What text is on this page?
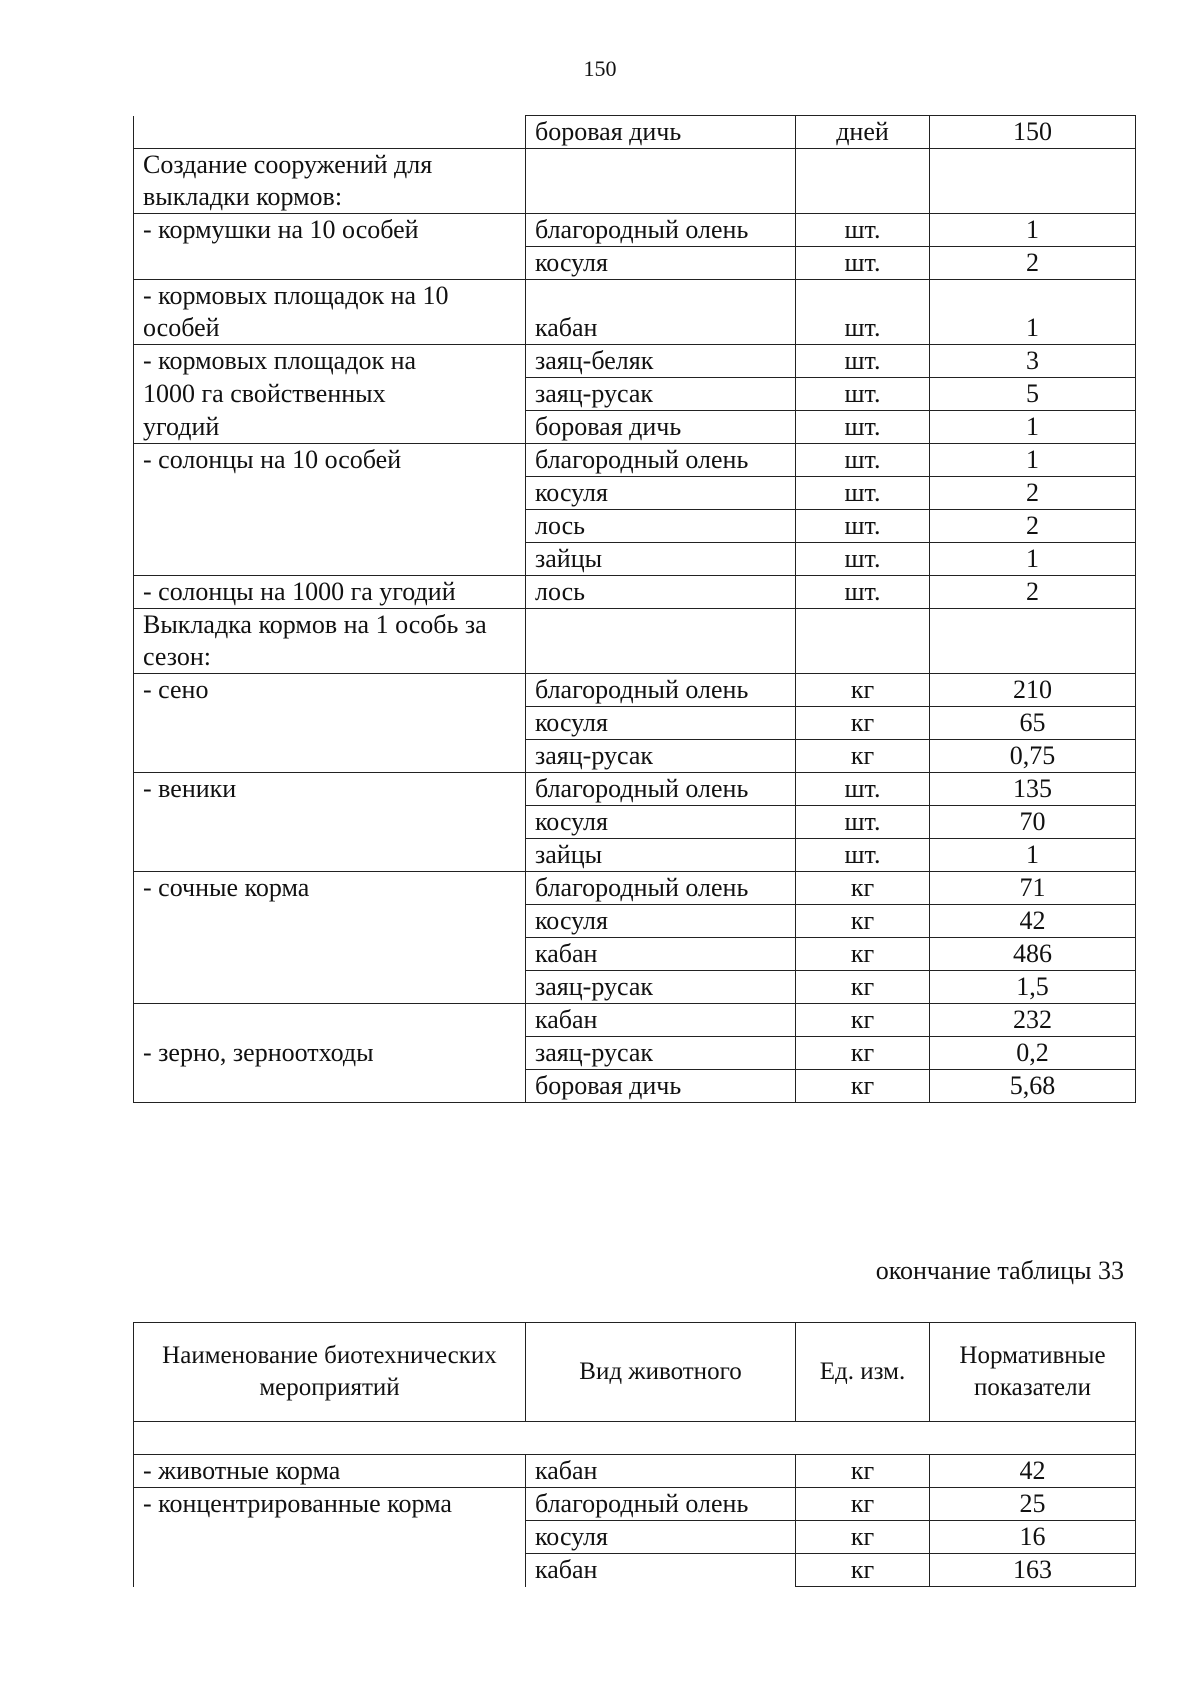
150
	боровая дичь	дней	150
Создание сооружений для выкладки кормов:			
- кормушки на 10 особей	благородный олень	шт.	1
	косуля	шт.	2
- кормовых площадок на 10 особей	кабан	шт.	1
- кормовых площадок на	заяц-беляк	шт.	3
1000 га свойственных	заяц-русак	шт.	5
угодий	боровая дичь	шт.	1
- солонцы на 10 особей	благородный олень	шт.	1
	косуля	шт.	2
	лось	шт.	2
	зайцы	шт.	1
- солонцы на 1000 га угодий	лось	шт.	2
Выкладка кормов на 1 особь за сезон:			
- сено	благородный олень	кг	210
	косуля	кг	65
	заяц-русак	кг	0,75
- веники	благородный олень	шт.	135
	косуля	шт.	70
	зайцы	шт.	1
- сочные корма	благородный олень	кг	71
	косуля	кг	42
	кабан	кг	486
	заяц-русак	кг	1,5
- зерно, зерноотходы	кабан	кг	232
	заяц-русак	кг	0,2
	боровая дичь	кг	5,68
окончание таблицы 33
Наименование биотехнических мероприятий	Вид животного	Ед. изм.	Нормативные показатели

- животные корма	кабан	кг	42
- концентрированные корма	благородный олень	кг	25
	косуля	кг	16
	кабан	кг	163
